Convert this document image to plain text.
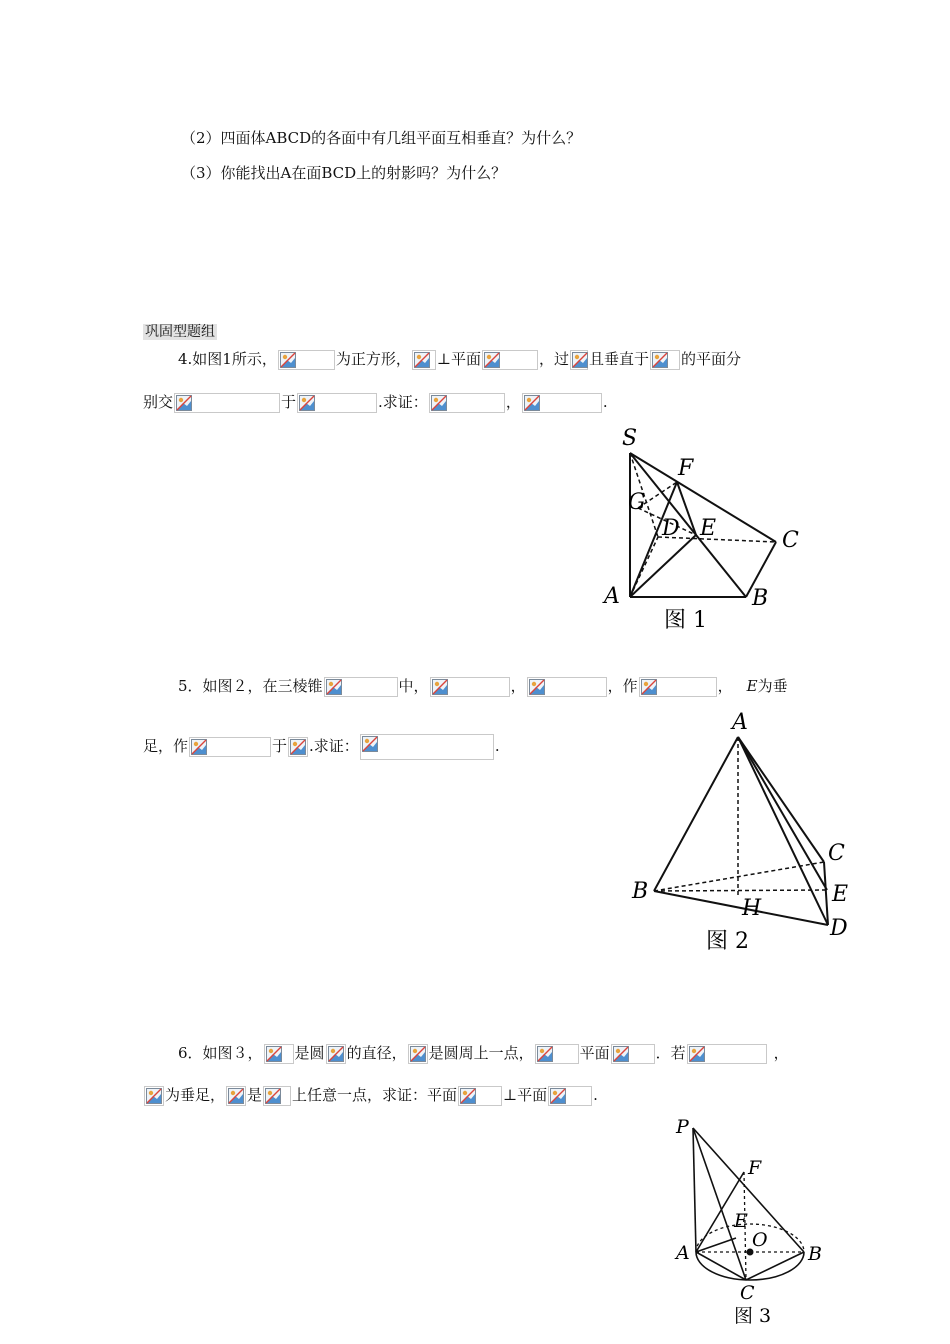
（2）四面体ABCD的各面中有几组平面互相垂直？为什么？
（3）你能找出A在面BCD上的射影吗？为什么？
巩固型题组
4.如图1所示，	为正方形， ⊥平面	，过 且垂直于 的平面分
别交	于	.求证：	，	.
S
F
G
D E	C
A	B
图 1
5．如图２，在三棱锥	中，	，	，作	， E为垂
足，作	于 .求证：	.
A
C
B	E
H
D
图 2
6．如图３， 是圆 的直径， 是圆周上一点，	平面	．若	，
为垂足， 是 上任意一点，求证：平面	⊥平面	.
P
F
E
O
A	B
C
图 3
